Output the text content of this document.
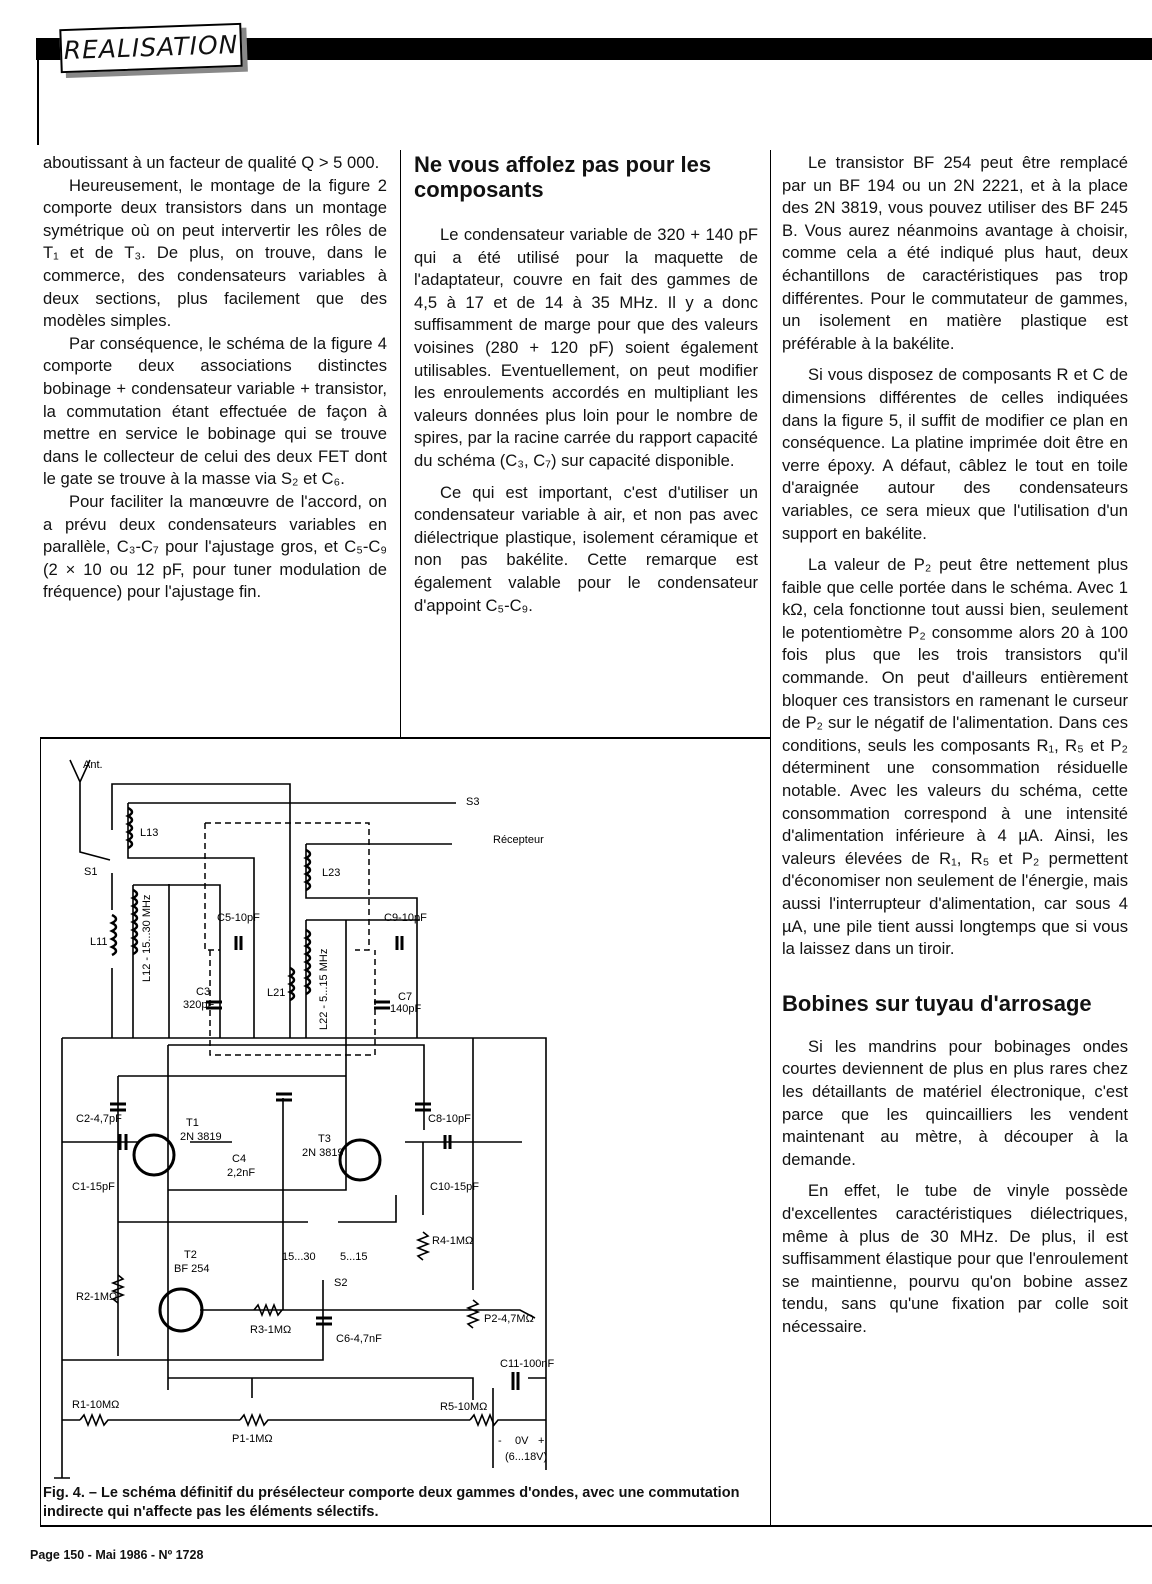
REALISATION

aboutissant à un facteur de qualité Q > 5 000.

Heureusement, le montage de la figure 2 comporte deux transistors dans un montage symétrique où on peut intervertir les rôles de T₁ et de T₃. De plus, on trouve, dans le commerce, des condensateurs variables à deux sections, plus facilement que des modèles simples.

Par conséquence, le schéma de la figure 4 comporte deux associations distinctes bobinage + condensateur variable + transistor, la commutation étant effectuée de façon à mettre en service le bobinage qui se trouve dans le collecteur de celui des deux FET dont le gate se trouve à la masse via S₂ et C₆.

Pour faciliter la manœuvre de l'accord, on a prévu deux condensateurs variables en parallèle, C₃-C₇ pour l'ajustage gros, et C₅-C₉ (2 × 10 ou 12 pF, pour tuner modulation de fréquence) pour l'ajustage fin.

Ne vous affolez pas pour les composants

Le condensateur variable de 320 + 140 pF qui a été utilisé pour la maquette de l'adaptateur, couvre en fait des gammes de 4,5 à 17 et de 14 à 35 MHz. Il y a donc suffisamment de marge pour que des valeurs voisines (280 + 120 pF) soient également utilisables. Eventuellement, on peut modifier les enroulements accordés en multipliant les valeurs données plus loin pour le nombre de spires, par la racine carrée du rapport capacité du schéma (C₃, C₇) sur capacité disponible.

Ce qui est important, c'est d'utiliser un condensateur variable à air, et non pas avec diélectrique plastique, isolement céramique et non pas bakélite. Cette remarque est également valable pour le condensateur d'appoint C₅-C₉.

Le transistor BF 254 peut être remplacé par un BF 194 ou un 2N 2221, et à la place des 2N 3819, vous pouvez utiliser des BF 245 B. Vous aurez néanmoins avantage à choisir, comme cela a été indiqué plus haut, deux échantillons de caractéristiques pas trop différentes. Pour le commutateur de gammes, un isolement en matière plastique est préférable à la bakélite.

Si vous disposez de composants R et C de dimensions différentes de celles indiquées dans la figure 5, il suffit de modifier ce plan en conséquence. La platine imprimée doit être en verre époxy. A défaut, câblez le tout en toile d'araignée autour des condensateurs variables, ce sera mieux que l'utilisation d'un support en bakélite.

La valeur de P₂ peut être nettement plus faible que celle portée dans le schéma. Avec 1 kΩ, cela fonctionne tout aussi bien, seulement le potentiomètre P₂ consomme alors 20 à 100 fois plus que les trois transistors qu'il commande. On peut d'ailleurs entièrement bloquer ces transistors en ramenant le curseur de P₂ sur le négatif de l'alimentation. Dans ces conditions, seuls les composants R₁, R₅ et P₂ déterminent une consommation résiduelle notable. Avec les valeurs du schéma, cette consommation correspond à une intensité d'alimentation inférieure à 4 µA. Ainsi, les valeurs élevées de R₁, R₅ et P₂ permettent d'économiser non seulement de l'énergie, mais aussi l'interrupteur d'alimentation, car sous 4 µA, une pile tient aussi longtemps que si vous la laissez dans un tiroir.

Bobines sur tuyau d'arrosage

Si les mandrins pour bobinages ondes courtes deviennent de plus en plus rares chez les détaillants de matériel électronique, c'est parce que les quincailliers les vendent maintenant au mètre, à découper à la demande.

En effet, le tube de vinyle possède d'excellentes caractéristiques diélectriques, même à plus de 30 MHz. De plus, il est suffisamment élastique pour que l'enroulement se maintienne, pourvu qu'on bobine assez tendu, sans qu'une fixation par colle soit nécessaire.

Ant.
S1
S3
Récepteur
L13
L11	L12 - 15...30 MHz
L23
L21	L22 - 5...15 MHz
C5-10pF	C9-10pF
C3
320pF
C7
140pF
C2-4,7pF
C1-15pF
T1
2N 3819
C4
2,2nF
T3
2N 3819
C8-10pF
C10-15pF
R4-1MΩ
15...30 5...15
S2
T2
BF 254
R2-1MΩ
R3-1MΩ
C6-4,7nF
P2-4,7MΩ
C11-100nF
R1-10MΩ	R5-10MΩ
P1-1MΩ	- 0V +
(6...18V)
Fig. 4. – Le schéma définitif du présélecteur comporte deux gammes d'ondes, avec une commutation indirecte qui n'affecte pas les éléments sélectifs.
Page 150 - Mai 1986 - Nº 1728
